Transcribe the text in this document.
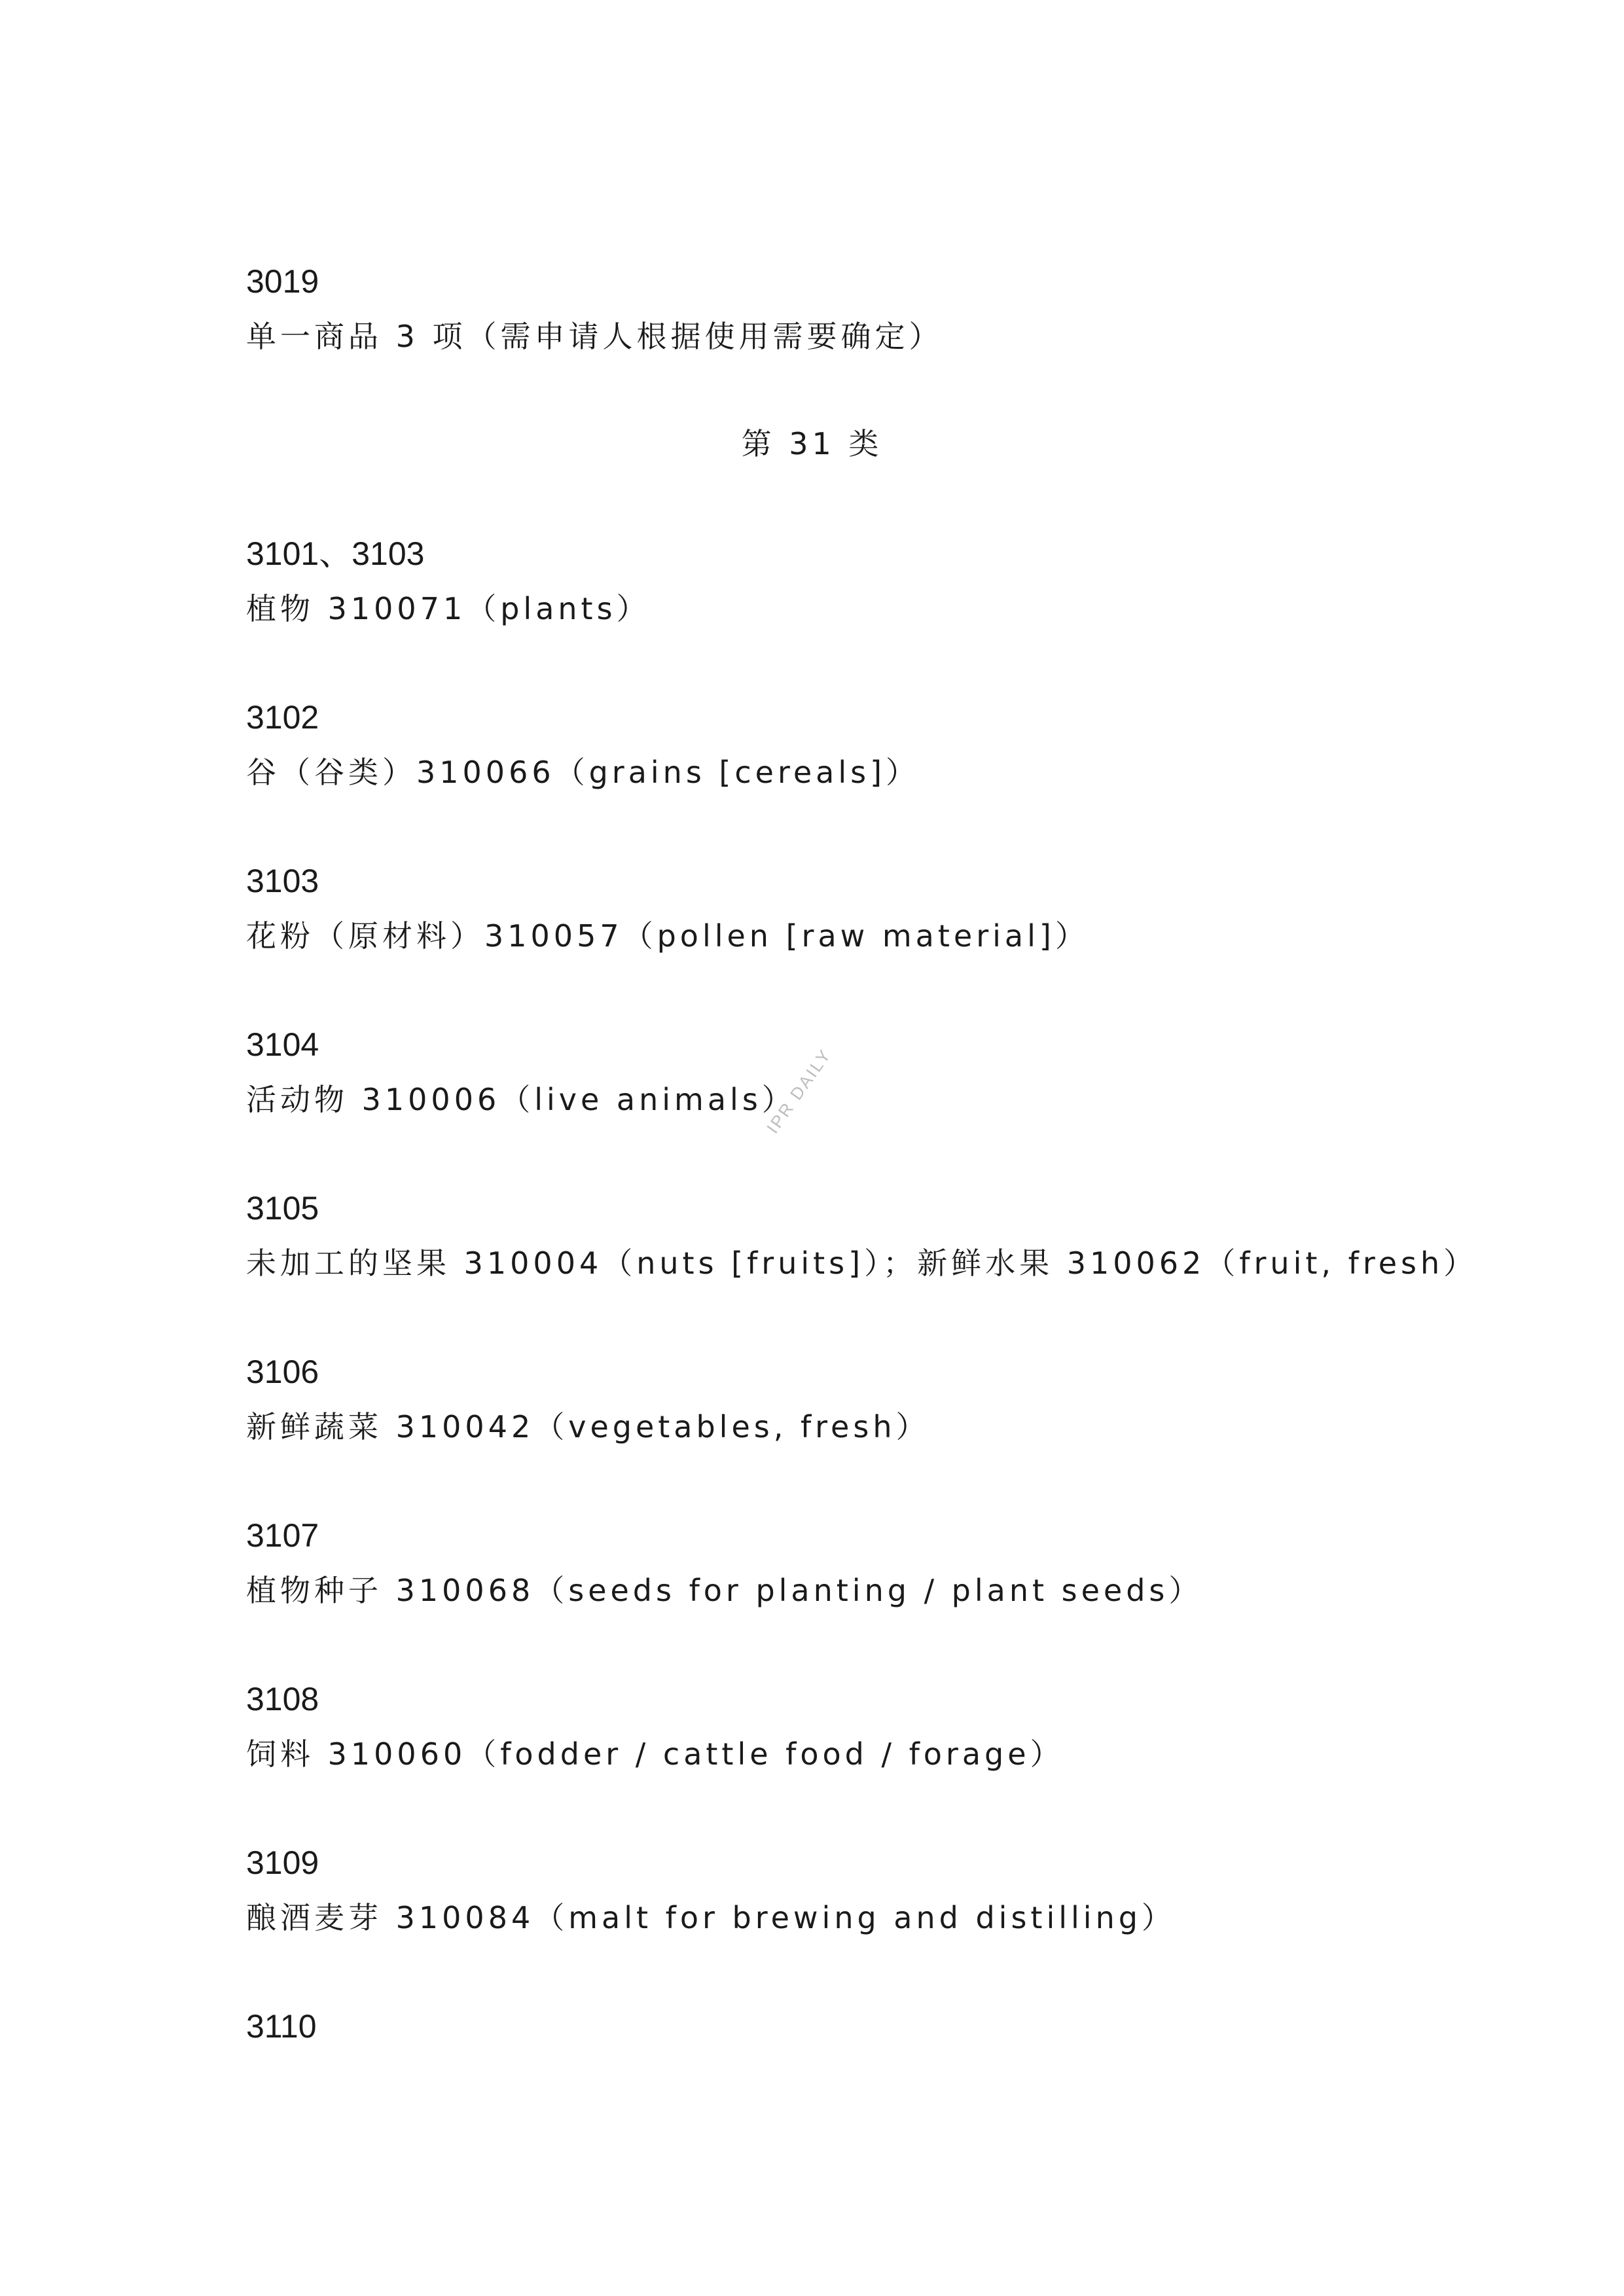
3019
单一商品 3 项（需申请人根据使用需要确定）
第 31 类
3101、3103
植物 310071（plants）
3102
谷（谷类）310066（grains [cereals]）
3103
花粉（原材料）310057（pollen [raw material]）
3104
活动物 310006（live animals）
3105
未加工的坚果 310004（nuts [fruits]）；新鲜水果 310062（fruit, fresh）
3106
新鲜蔬菜 310042（vegetables, fresh）
3107
植物种子 310068（seeds for planting / plant seeds）
3108
饲料 310060（fodder / cattle food / forage）
3109
酿酒麦芽 310084（malt for brewing and distilling）
3110
IPR DAILY
